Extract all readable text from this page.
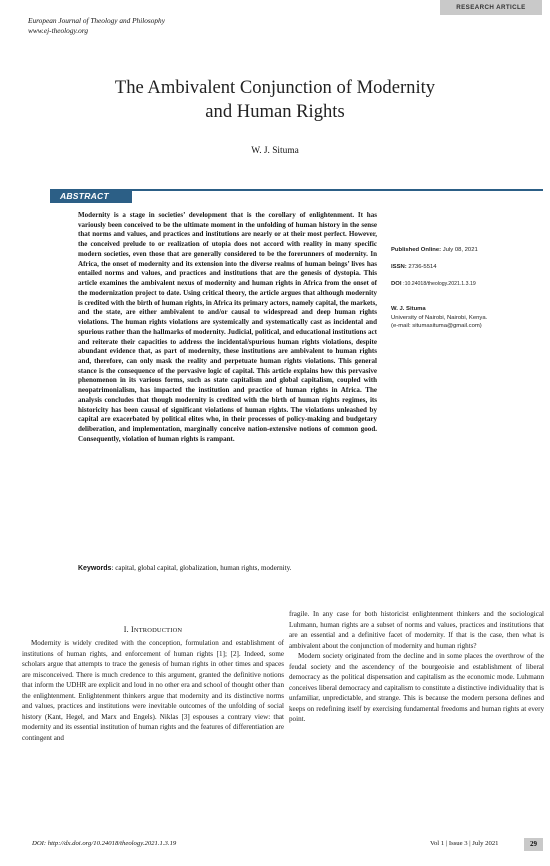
European Journal of Theology and Philosophy
www.ej-theology.org
RESEARCH ARTICLE
The Ambivalent Conjunction of Modernity
and Human Rights
W. J. Situma
ABSTRACT
Modernity is a stage in societies’ development that is the corollary of enlightenment. It has variously been conceived to be the ultimate moment in the unfolding of human history in the sense that norms and values, and practices and institutions are nearly or at their most perfect. However, the conceived prelude to or realization of utopia does not accord with reality in many specific modern societies, even those that are generally considered to be the forerunners of modernity. In Africa, the onset of modernity and its extension into the diverse realms of human beings’ lives has entailed norms and values, and practices and institutions that are the genesis of dystopia. This article examines the ambivalent nexus of modernity and human rights in Africa from the onset of the modernization project to date. Using critical theory, the article argues that although modernity is credited with the birth of human rights, in Africa its primary actors, namely capital, the markets, and the state, are either ambivalent to and/or causal to widespread and deep human rights violations. The human rights violations are systemically and systematically cast as incidental and spurious rather than the hallmarks of modernity. Judicial, political, and educational institutions act and reiterate their capacities to address the incidental/spurious human rights violations, despite abundant evidence that, as part of modernity, these institutions are ambivalent to human rights and, therefore, can only mask the reality and perpetuate human rights violations. This general stance is the consequence of the pervasive logic of capital. This article explains how this pervasive phenomenon in its various forms, such as state capitalism and global capitalism, coupled with neopatrimonialism, has impacted the institution and practice of human rights in Africa. The analysis concludes that though modernity is credited with the birth of human rights regimes, its historicity has been causal of significant violations of human rights. The violations unleashed by capital are exacerbated by political elites who, in their processes of policy-making and budgetary deliberation, and implementation, marginally conceive nation-extensive notions of common good. Consequently, violation of human rights is rampant.
Published Online: July 08, 2021
ISSN: 2736-5514
DOI :10.24018/theology.2021.1.3.19
W. J. Situma
University of Nairobi, Nairobi, Kenya.
(e-mail: situmasituma@gmail.com)
Keywords: capital, global capital, globalization, human rights, modernity.
I. INTRODUCTION

Modernity is widely credited with the conception, formulation and establishment of institutions of human rights, and enforcement of human rights [1]; [2]. Indeed, some scholars argue that attempts to trace the genesis of human rights in other times and spaces are misconceived. There is much credence to this argument, granted the definitive notions that inform the UDHR are explicit and loud in no other era and school of thought other than the enlightenment. Enlightenment thinkers argue that modernity and its distinctive norms and values, practices and institutions were inevitable outcomes of the unfolding of social history (Kant, Hegel, and Marx and Engels). Niklas [3] espouses a contrary view: that modernity and its essential institution of human rights and the features of differentiation are contingent and

fragile. In any case for both historicist enlightenment thinkers and the sociological Luhmann, human rights are a subset of norms and values, practices and institutions that are an essential and a definitive facet of modernity. If that is the case, then what is ambivalent about the conjunction of modernity and human rights?

Modern society originated from the decline and in some places the overthrow of the feudal society and the ascendency of the bourgeoisie and establishment of liberal democracy as the political dispensation and capitalism as the economic mode. Luhmann conceives liberal democracy and capitalism to constitute a distinctive individuality that is unfamiliar, unpredictable, and strange. This is because the modern persona defines and keeps on redefining itself by exercising fundamental freedoms and human rights at every point.

DOI: http://dx.doi.org/10.24018/theology.2021.1.3.19	Vol 1 | Issue 3 | July 2021	29
